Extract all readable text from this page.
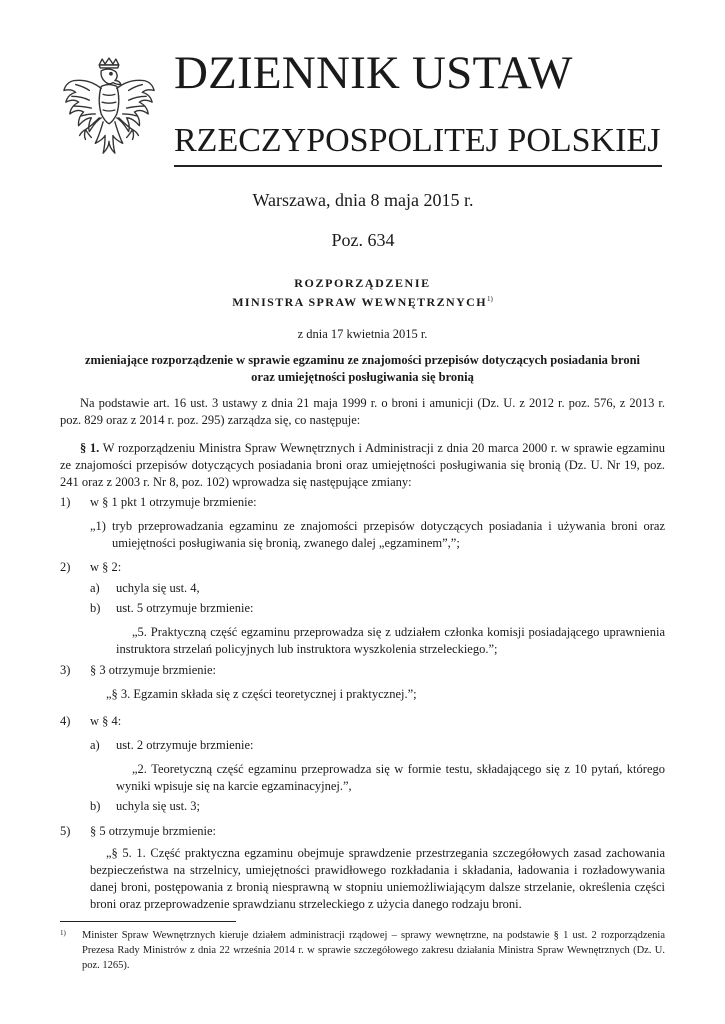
DZIENNIK USTAW
RZECZYPOSPOLITEJ POLSKIEJ
Warszawa, dnia 8 maja 2015 r.
Poz. 634
ROZPORZĄDZENIE
MINISTRA SPRAW WEWNĘTRZNYCH$^{1)}$
z dnia 17 kwietnia 2015 r.
zmieniające rozporządzenie w sprawie egzaminu ze znajomości przepisów dotyczących posiadania broni
oraz umiejętności posługiwania się bronią
Na podstawie art. 16 ust. 3 ustawy z dnia 21 maja 1999 r. o broni i amunicji (Dz. U. z 2012 r. poz. 576, z 2013 r. poz. 829 oraz z 2014 r. poz. 295) zarządza się, co następuje:
§ 1. W rozporządzeniu Ministra Spraw Wewnętrznych i Administracji z dnia 20 marca 2000 r. w sprawie egzaminu ze znajomości przepisów dotyczących posiadania broni oraz umiejętności posługiwania się bronią (Dz. U. Nr 19, poz. 241 oraz z 2003 r. Nr 8, poz. 102) wprowadza się następujące zmiany:
1) w § 1 pkt 1 otrzymuje brzmienie:
„1) tryb przeprowadzania egzaminu ze znajomości przepisów dotyczących posiadania i używania broni oraz umiejętności posługiwania się bronią, zwanego dalej „egzaminem”,”;
2) w § 2:
a) uchyla się ust. 4,
b) ust. 5 otrzymuje brzmienie:
„5. Praktyczną część egzaminu przeprowadza się z udziałem członka komisji posiadającego uprawnienia instruktora strzelań policyjnych lub instruktora wyszkolenia strzeleckiego.”;
3) § 3 otrzymuje brzmienie:
„§ 3. Egzamin składa się z części teoretycznej i praktycznej.”;
4) w § 4:
a) ust. 2 otrzymuje brzmienie:
„2. Teoretyczną część egzaminu przeprowadza się w formie testu, składającego się z 10 pytań, którego wyniki wpisuje się na karcie egzaminacyjnej.”,
b) uchyla się ust. 3;
5) § 5 otrzymuje brzmienie:
„§ 5. 1. Część praktyczna egzaminu obejmuje sprawdzenie przestrzegania szczegółowych zasad zachowania bezpieczeństwa na strzelnicy, umiejętności prawidłowego rozkładania i składania, ładowania i rozładowywania danej broni, postępowania z bronią niesprawną w stopniu uniemożliwiającym dalsze strzelanie, określenia części broni oraz przeprowadzenie sprawdzianu strzeleckiego z użycia danego rodzaju broni.
1) Minister Spraw Wewnętrznych kieruje działem administracji rządowej – sprawy wewnętrzne, na podstawie § 1 ust. 2 rozporządzenia Prezesa Rady Ministrów z dnia 22 września 2014 r. w sprawie szczegółowego zakresu działania Ministra Spraw Wewnętrznych (Dz. U. poz. 1265).
